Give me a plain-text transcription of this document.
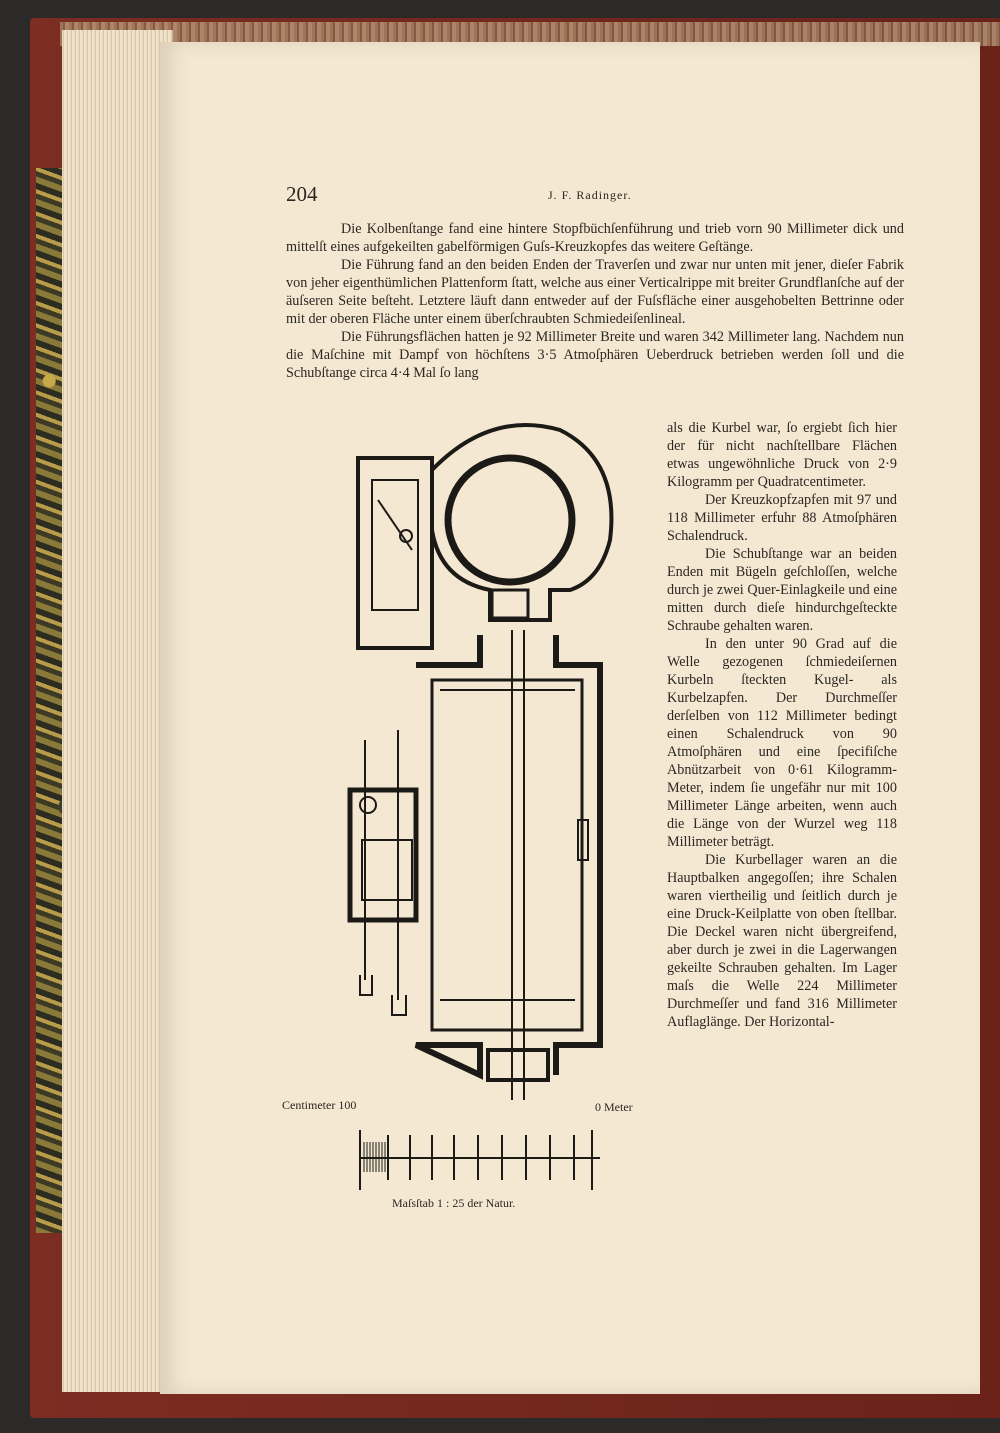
204	J. F. Radinger.

Die Kolbenſtange fand eine hintere Stopfbüchſenführung und trieb vorn 90 Millimeter dick und mittelſt eines aufgekeilten gabelförmigen Guſs-Kreuzkopfes das weitere Geſtänge.

Die Führung fand an den beiden Enden der Traverſen und zwar nur unten mit jener, dieſer Fabrik von jeher eigenthümlichen Plattenform ſtatt, welche aus einer Verticalrippe mit breiter Grundflanſche auf der äuſseren Seite beſteht. Letztere läuft dann entweder auf der Fuſsfläche einer ausgehobelten Bettrinne oder mit der oberen Fläche unter einem überſchraubten Schmiedeiſenlineal.

Die Führungsflächen hatten je 92 Millimeter Breite und waren 342 Millimeter lang. Nachdem nun die Maſchine mit Dampf von höchſtens 3·5 Atmoſphären Ueberdruck betrieben werden ſoll und die Schubſtange circa 4·4 Mal ſo lang

als die Kurbel war, ſo ergiebt ſich hier der für nicht nachſtellbare Flächen etwas ungewöhnliche Druck von 2·9 Kilogramm per Quadratcentimeter.

Der Kreuzkopfzapfen mit 97 und 118 Millimeter erfuhr 88 Atmoſphären Schalendruck.

Die Schubſtange war an beiden Enden mit Bügeln geſchloſſen, welche durch je zwei Quer-Einlagkeile und eine mitten durch dieſe hindurchgeſteckte Schraube gehalten waren.

In den unter 90 Grad auf die Welle gezogenen ſchmiedeiſernen Kurbeln ſteckten Kugel- als Kurbelzapfen. Der Durchmeſſer derſelben von 112 Millimeter bedingt einen Schalendruck von 90 Atmoſphären und eine ſpecifiſche Abnützarbeit von 0·61 Kilogramm-Meter, indem ſie ungefähr nur mit 100 Millimeter Länge arbeiten, wenn auch die Länge von der Wurzel weg 118 Millimeter beträgt.

Die Kurbellager waren an die Hauptbalken angegoſſen; ihre Schalen waren viertheilig und ſeitlich durch je eine Druck-Keilplatte von oben ſtellbar. Die Deckel waren nicht übergreifend, aber durch je zwei in die Lagerwangen gekeilte Schrauben gehalten. Im Lager maſs die Welle 224 Millimeter Durchmeſſer und fand 316 Millimeter Auflaglänge. Der Horizontal-

Centimeter 100	0 Meter
Maſsſtab 1 : 25 der Natur.
